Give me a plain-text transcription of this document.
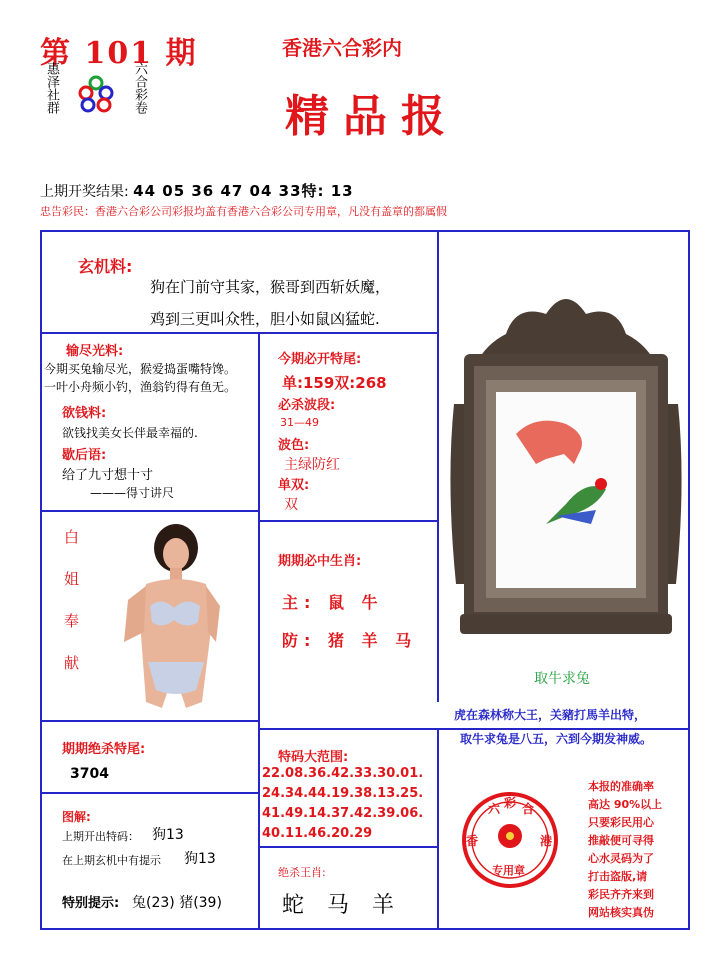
第 101 期
惠泽社群	六合彩卷
香港六合彩内
精品报
上期开奖结果: 44 05 36 47 04 33特: 13
忠告彩民：香港六合彩公司彩报均盖有香港六合彩公司专用章，凡没有盖章的都属假
玄机料:
狗在门前守其家，猴哥到西斩妖魔，
鸡到三更叫众牲，胆小如鼠凶猛蛇.
输尽光料:
今期买兔输尽光，猴爱捣蛋嘴特馋。
一叶小舟频小钓，渔翁钓得有鱼无。
欲钱料:
欲钱找美女长伴最幸福的.
歇后语:
给了九寸想十寸
———得寸讲尺
白
姐
奉
献
今期必开特尾:
单:159双:268
必杀波段:
31—49
波色:
主绿防红
单双:
双
期期必中生肖:
主: 鼠 牛
防: 猪 羊 马
取牛求兔
虎在森林称大王，关豬打馬羊出特，
取牛求兔是八五，六到今期发神威。
期期绝杀特尾:
3704
特码大范围:
22.08.36.42.33.30.01.
24.34.44.19.38.13.25.
41.49.14.37.42.39.06.
40.11.46.20.29
图解:
上期开出特码： 狗13
在上期玄机中有提示 狗13
特别提示: 兔(23) 猪(39)
绝杀王肖:
蛇 马 羊
六 彩 合
香	港
专用章
本报的准确率
高达 90%以上
只要彩民用心
推敲便可寻得
心水灵码为了
打击盗版,请
彩民齐齐来到
网站核实真伪
